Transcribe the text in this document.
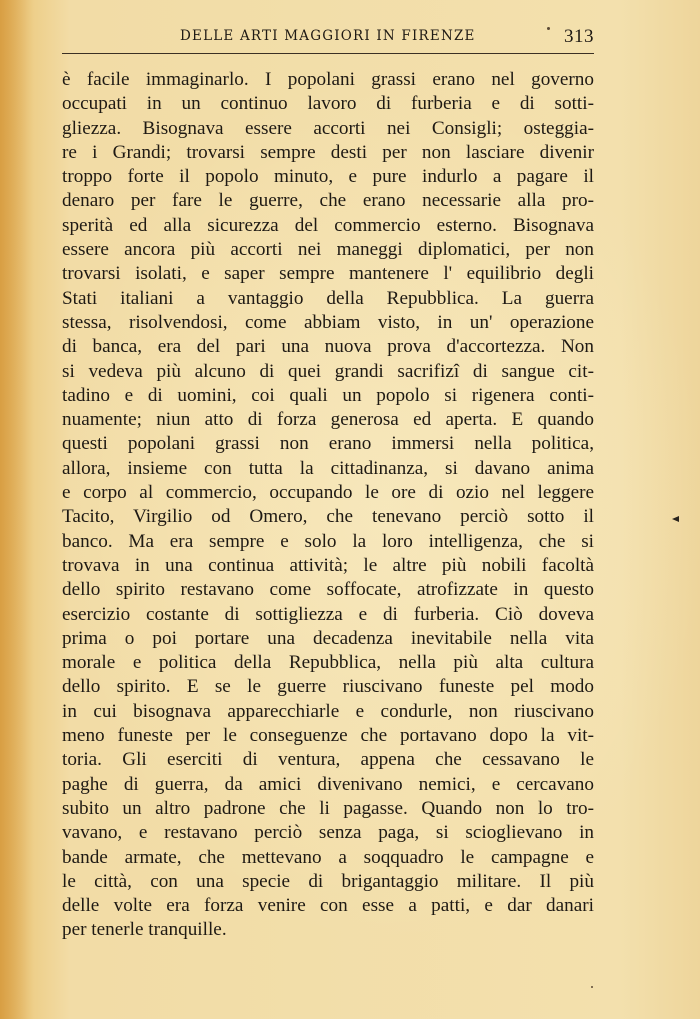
DELLE ARTI MAGGIORI IN FIRENZE	313
è facile immaginarlo. I popolani grassi erano nel governo
occupati in un continuo lavoro di furberia e di sotti-
gliezza. Bisognava essere accorti nei Consigli; osteggia-
re i Grandi; trovarsi sempre desti per non lasciare divenir
troppo forte il popolo minuto, e pure indurlo a pagare il
denaro per fare le guerre, che erano necessarie alla pro-
sperità ed alla sicurezza del commercio esterno. Bisognava
essere ancora più accorti nei maneggi diplomatici, per non
trovarsi isolati, e saper sempre mantenere l' equilibrio degli
Stati italiani a vantaggio della Repubblica. La guerra
stessa, risolvendosi, come abbiam visto, in un' operazione
di banca, era del pari una nuova prova d'accortezza. Non
si vedeva più alcuno di quei grandi sacrifizî di sangue cit-
tadino e di uomini, coi quali un popolo si rigenera conti-
nuamente; niun atto di forza generosa ed aperta. E quando
questi popolani grassi non erano immersi nella politica,
allora, insieme con tutta la cittadinanza, si davano anima
e corpo al commercio, occupando le ore di ozio nel leggere
Tacito, Virgilio od Omero, che tenevano perciò sotto il
banco. Ma era sempre e solo la loro intelligenza, che si
trovava in una continua attività; le altre più nobili facoltà
dello spirito restavano come soffocate, atrofizzate in questo
esercizio costante di sottigliezza e di furberia. Ciò doveva
prima o poi portare una decadenza inevitabile nella vita
morale e politica della Repubblica, nella più alta cultura
dello spirito. E se le guerre riuscivano funeste pel modo
in cui bisognava apparecchiarle e condurle, non riuscivano
meno funeste per le conseguenze che portavano dopo la vit-
toria. Gli eserciti di ventura, appena che cessavano le
paghe di guerra, da amici divenivano nemici, e cercavano
subito un altro padrone che li pagasse. Quando non lo tro-
vavano, e restavano perciò senza paga, si scioglievano in
bande armate, che mettevano a soqquadro le campagne e
le città, con una specie di brigantaggio militare. Il più
delle volte era forza venire con esse a patti, e dar danari
per tenerle tranquille.
